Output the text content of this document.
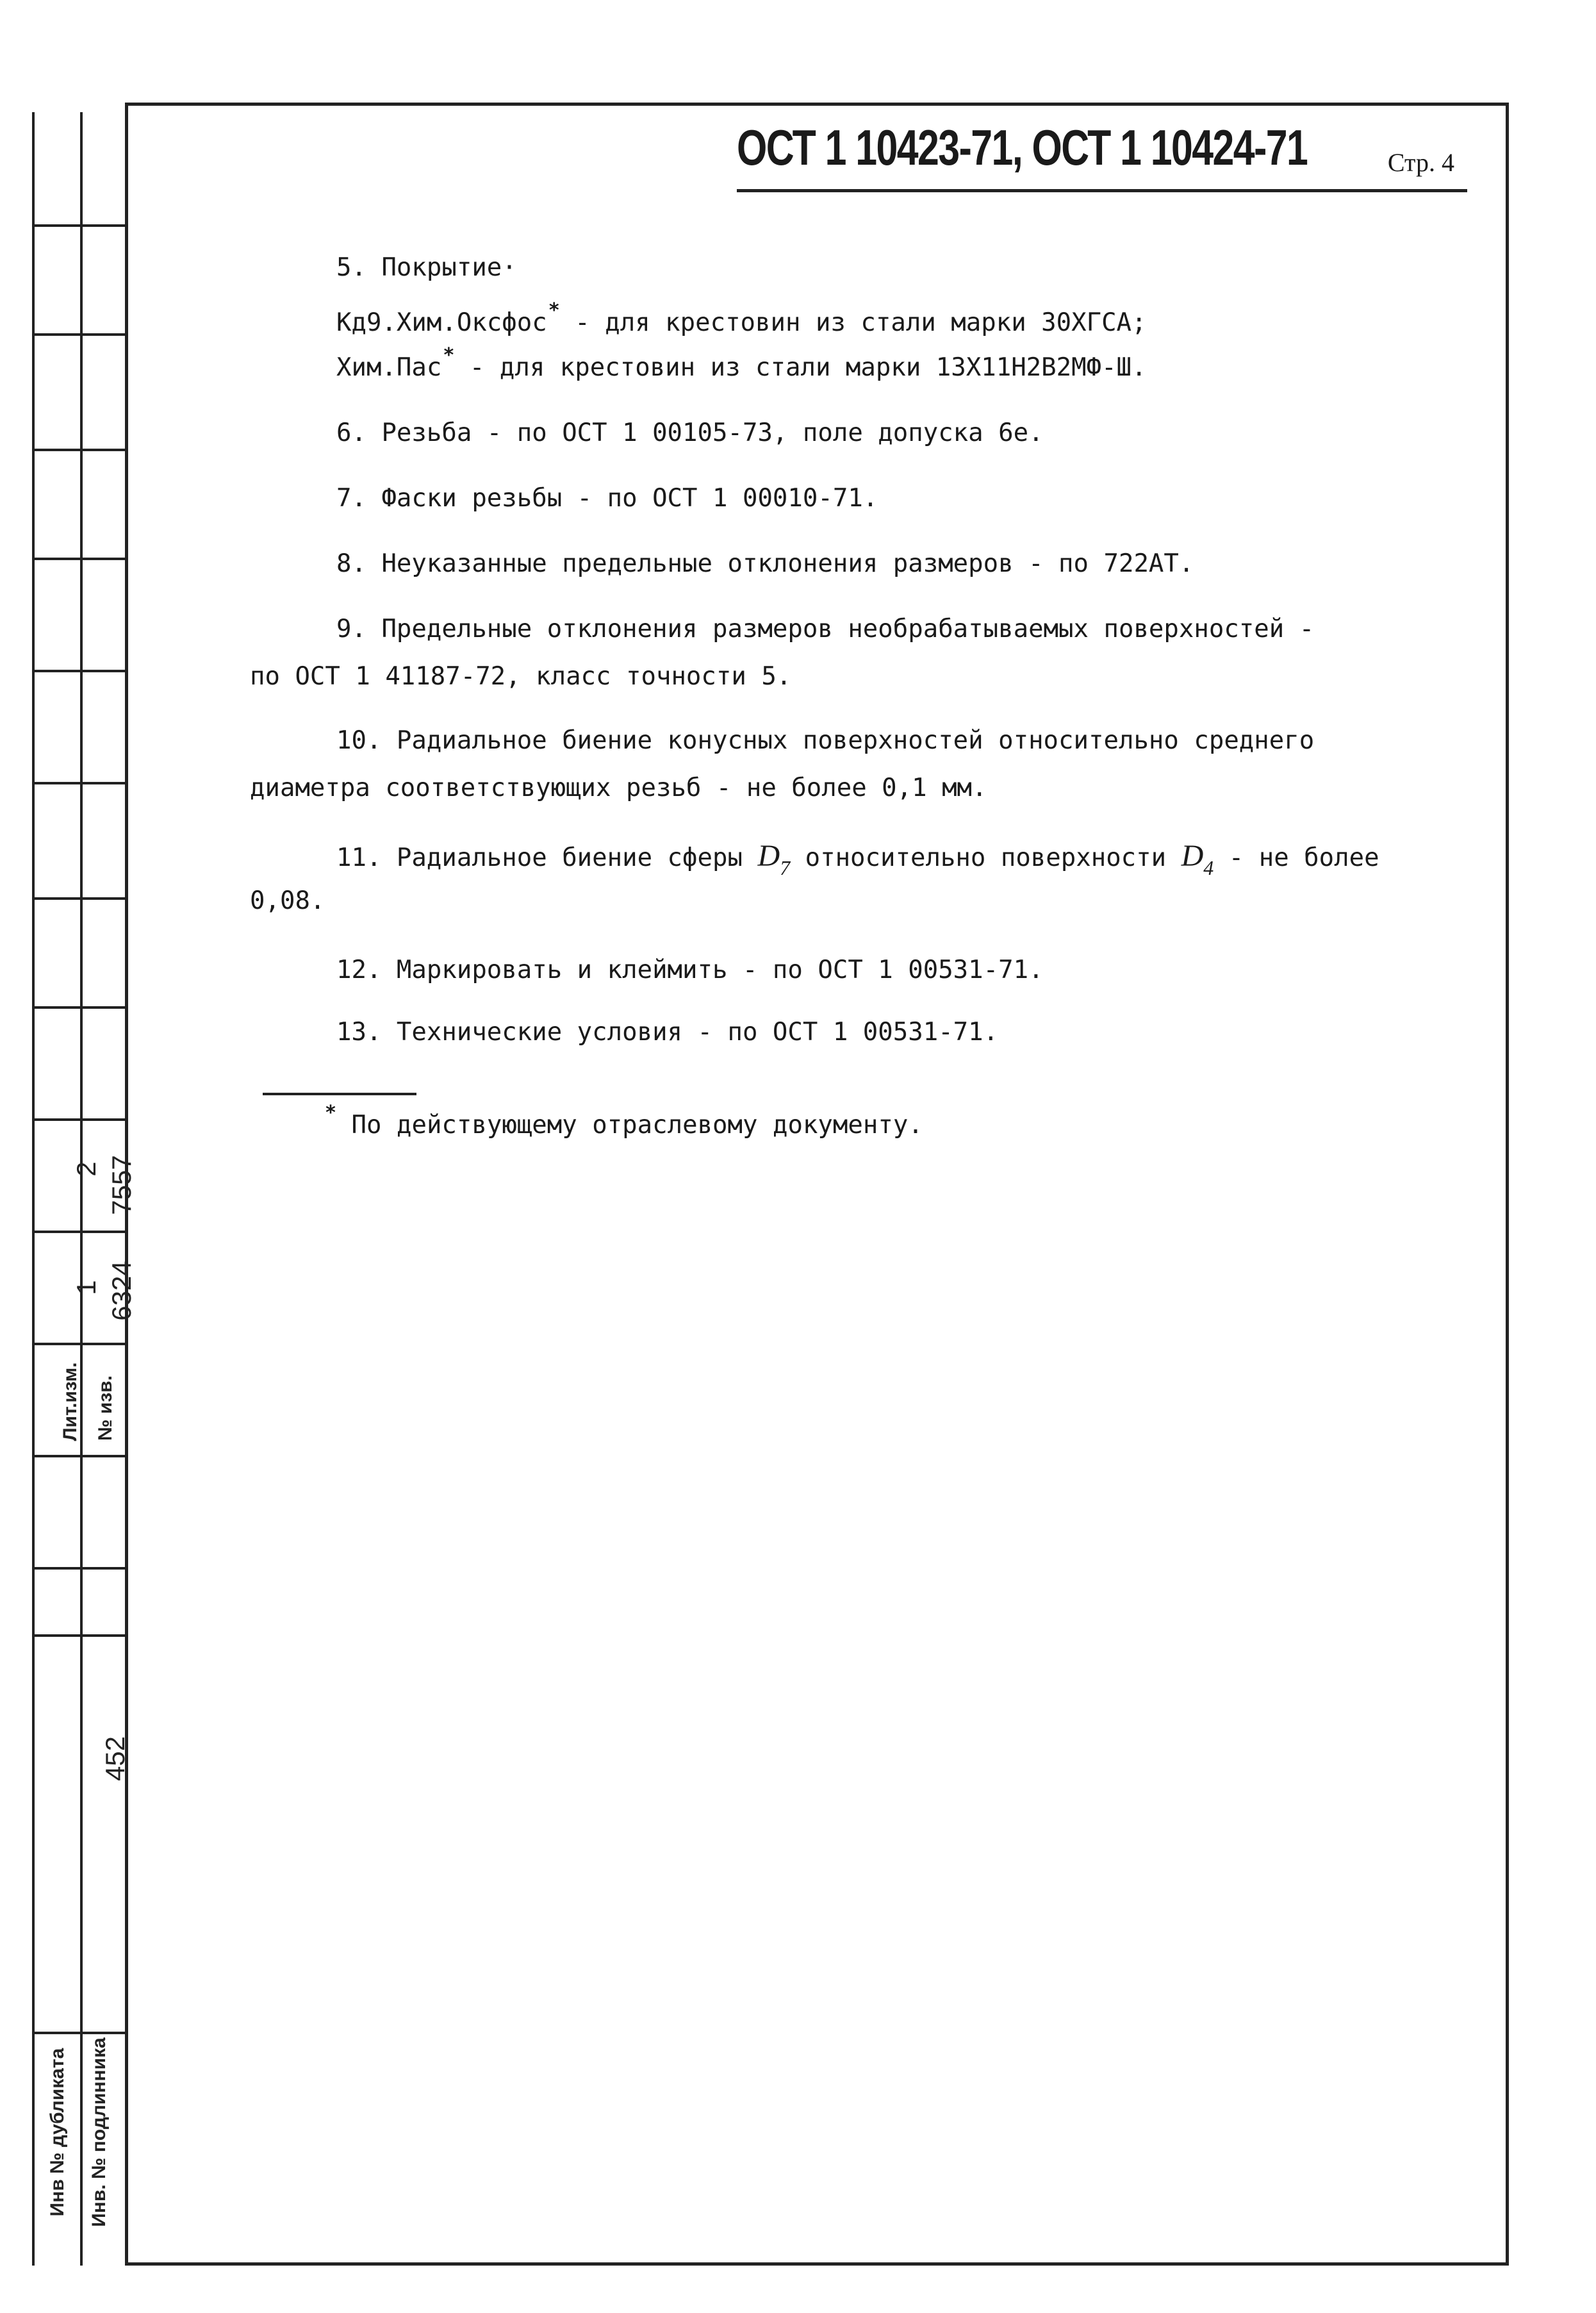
2 7557
1 6324
Лит.изм. № изв.
452
Инв № дубликата Инв. № подлинника
ОСТ 1 10423-71, ОСТ 1 10424-71	Стр. 4
5. Покрытие·
Кд9.Хим.Оксфос* - для крестовин из стали марки 30ХГСА;
Хим.Пас* - для крестовин из стали марки 13Х11Н2В2МФ-Ш.
6. Резьба - по ОСТ 1 00105-73, поле допуска 6е.
7. Фаски резьбы - по ОСТ 1 00010-71.
8. Неуказанные предельные отклонения размеров - по 722АТ.
9. Предельные отклонения размеров необрабатываемых поверхностей -
по ОСТ 1 41187-72, класс точности 5.
10. Радиальное биение конусных поверхностей относительно среднего
диаметра соответствующих резьб - не более 0,1 мм.
11. Радиальное биение сферы $D_7$ относительно поверхности $D_4$ - не более
0,08.
12. Маркировать и клеймить - по ОСТ 1 00531-71.
13. Технические условия - по ОСТ 1 00531-71.
* По действующему отраслевому документу.
